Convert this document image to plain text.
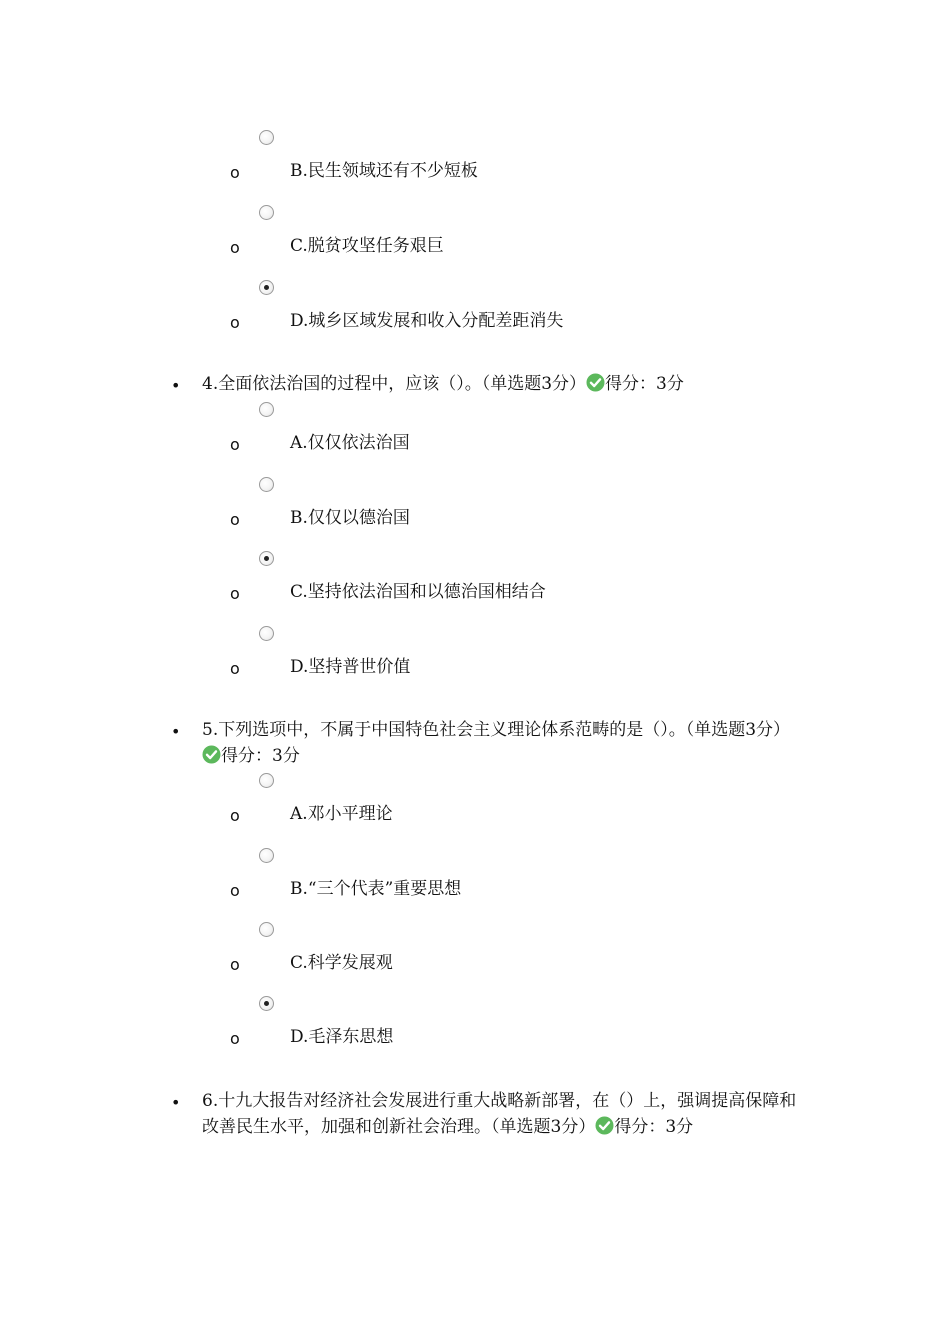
o	B.民生领域还有不少短板
o	C.脱贫攻坚任务艰巨
o	D.城乡区域发展和收入分配差距消失
• 4.全面依法治国的过程中，应该（）。（单选题3分） 得分：3分
o	A.仅仅依法治国
o	B.仅仅以德治国
o	C.坚持依法治国和以德治国相结合
o	D.坚持普世价值
• 5.下列选项中，不属于中国特色社会主义理论体系范畴的是（）。（单选题3分）
得分：3分
o	A.邓小平理论
o	B.“三个代表”重要思想
o	C.科学发展观
o	D.毛泽东思想
• 6.十九大报告对经济社会发展进行重大战略新部署，在（）上，强调提高保障和改善民生水平，加强和创新社会治理。（单选题3分） 得分：3分
